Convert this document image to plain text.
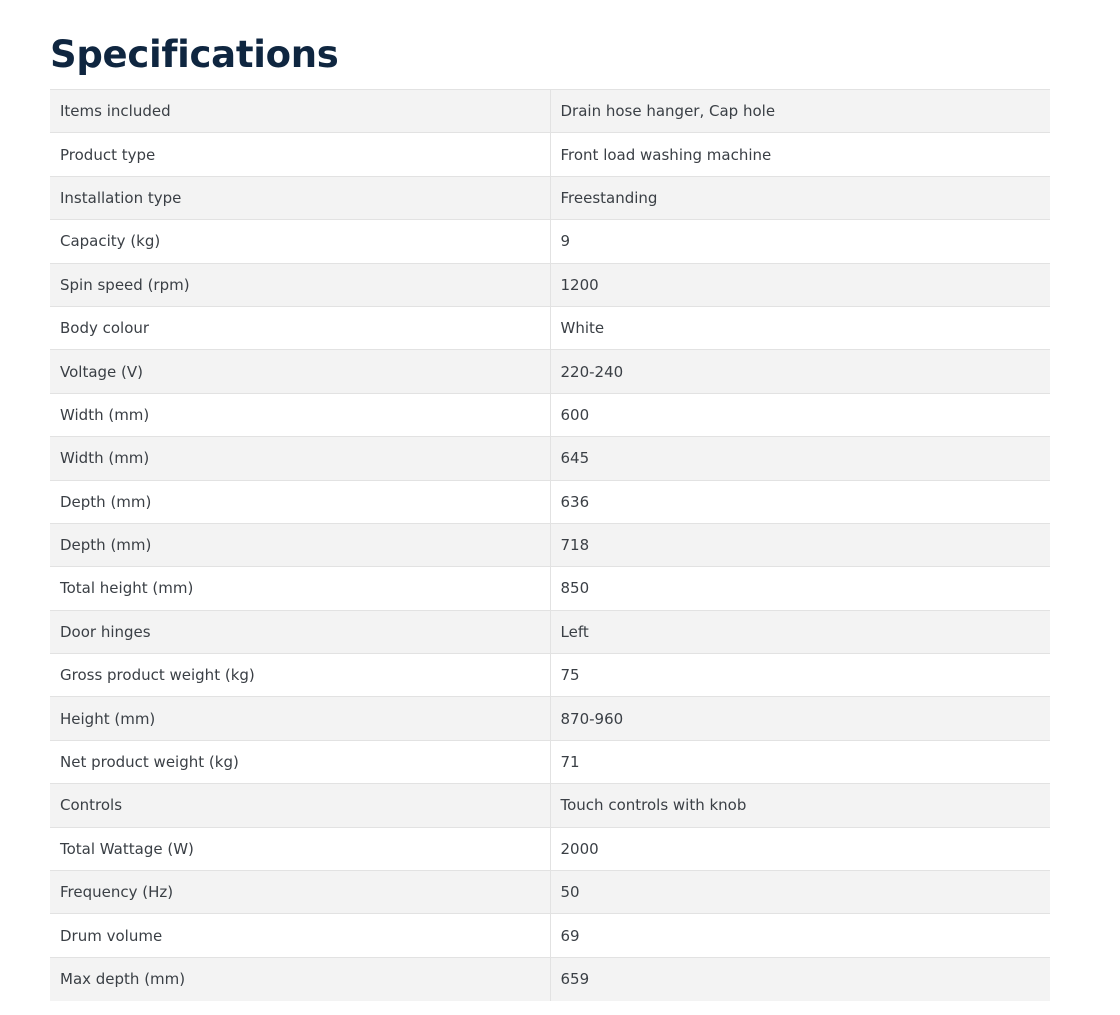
Specifications
Items included	Drain hose hanger, Cap hole
Product type	Front load washing machine
Installation type	Freestanding
Capacity (kg)	9
Spin speed (rpm)	1200
Body colour	White
Voltage (V)	220-240
Width (mm)	600
Width (mm)	645
Depth (mm)	636
Depth (mm)	718
Total height (mm)	850
Door hinges	Left
Gross product weight (kg)	75
Height (mm)	870-960
Net product weight (kg)	71
Controls	Touch controls with knob
Total Wattage (W)	2000
Frequency (Hz)	50
Drum volume	69
Max depth (mm)	659
